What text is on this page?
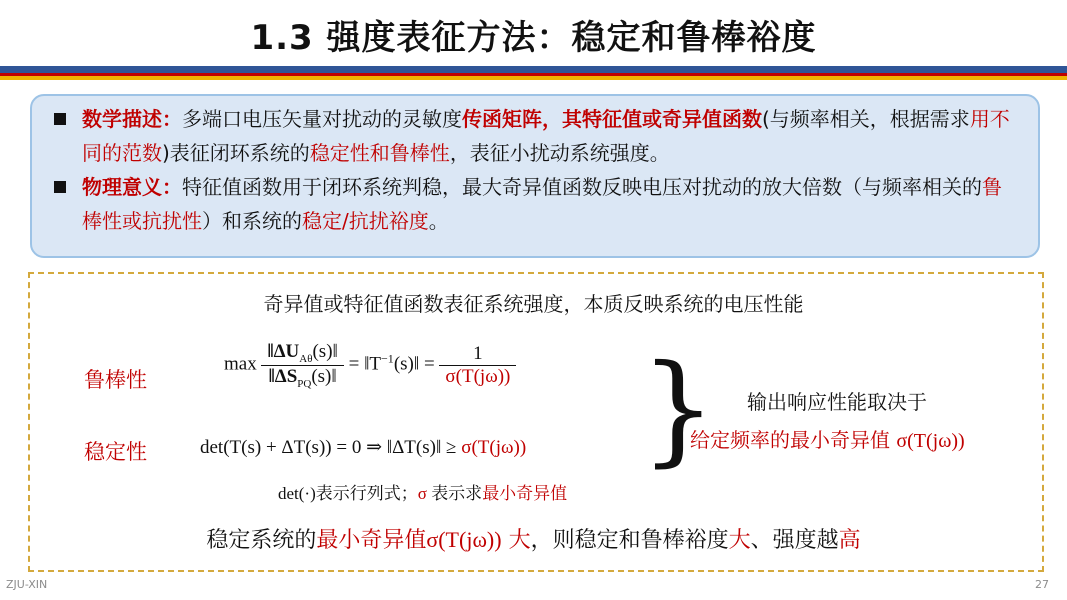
1.3 强度表征方法：稳定和鲁棒裕度
数学描述：多端口电压矢量对扰动的灵敏度传函矩阵，其特征值或奇异值函数(与频率相关，根据需求用不同的范数)表征闭环系统的稳定性和鲁棒性，表征小扰动系统强度。
物理意义：特征值函数用于闭环系统判稳，最大奇异值函数反映电压对扰动的放大倍数（与频率相关的鲁棒性或抗扰性）和系统的稳定/抗扰裕度。
奇异值或特征值函数表征系统强度，本质反映系统的电压性能
鲁棒性
稳定性
$\max \frac{‖\Delta U_{A\theta}(s)‖}{‖\Delta S_{PQ}(s)‖}$ = $‖T^{-1}(s)‖ = \frac{1}{\sigma(T(j\omega))}$
det(T(s) + ΔT(s)) = 0 ⇒ ‖ΔT(s)‖ ≥ σ(T(jω)) } 输出响应性能取决于
给定频率的最小奇异值 σ(T(jω))
det(·)表示行列式；σ 表示求最小奇异值
稳定系统的最小奇异值σ(T(jω)) 大，则稳定和鲁棒裕度大、强度越高
ZJU-XIN	27
